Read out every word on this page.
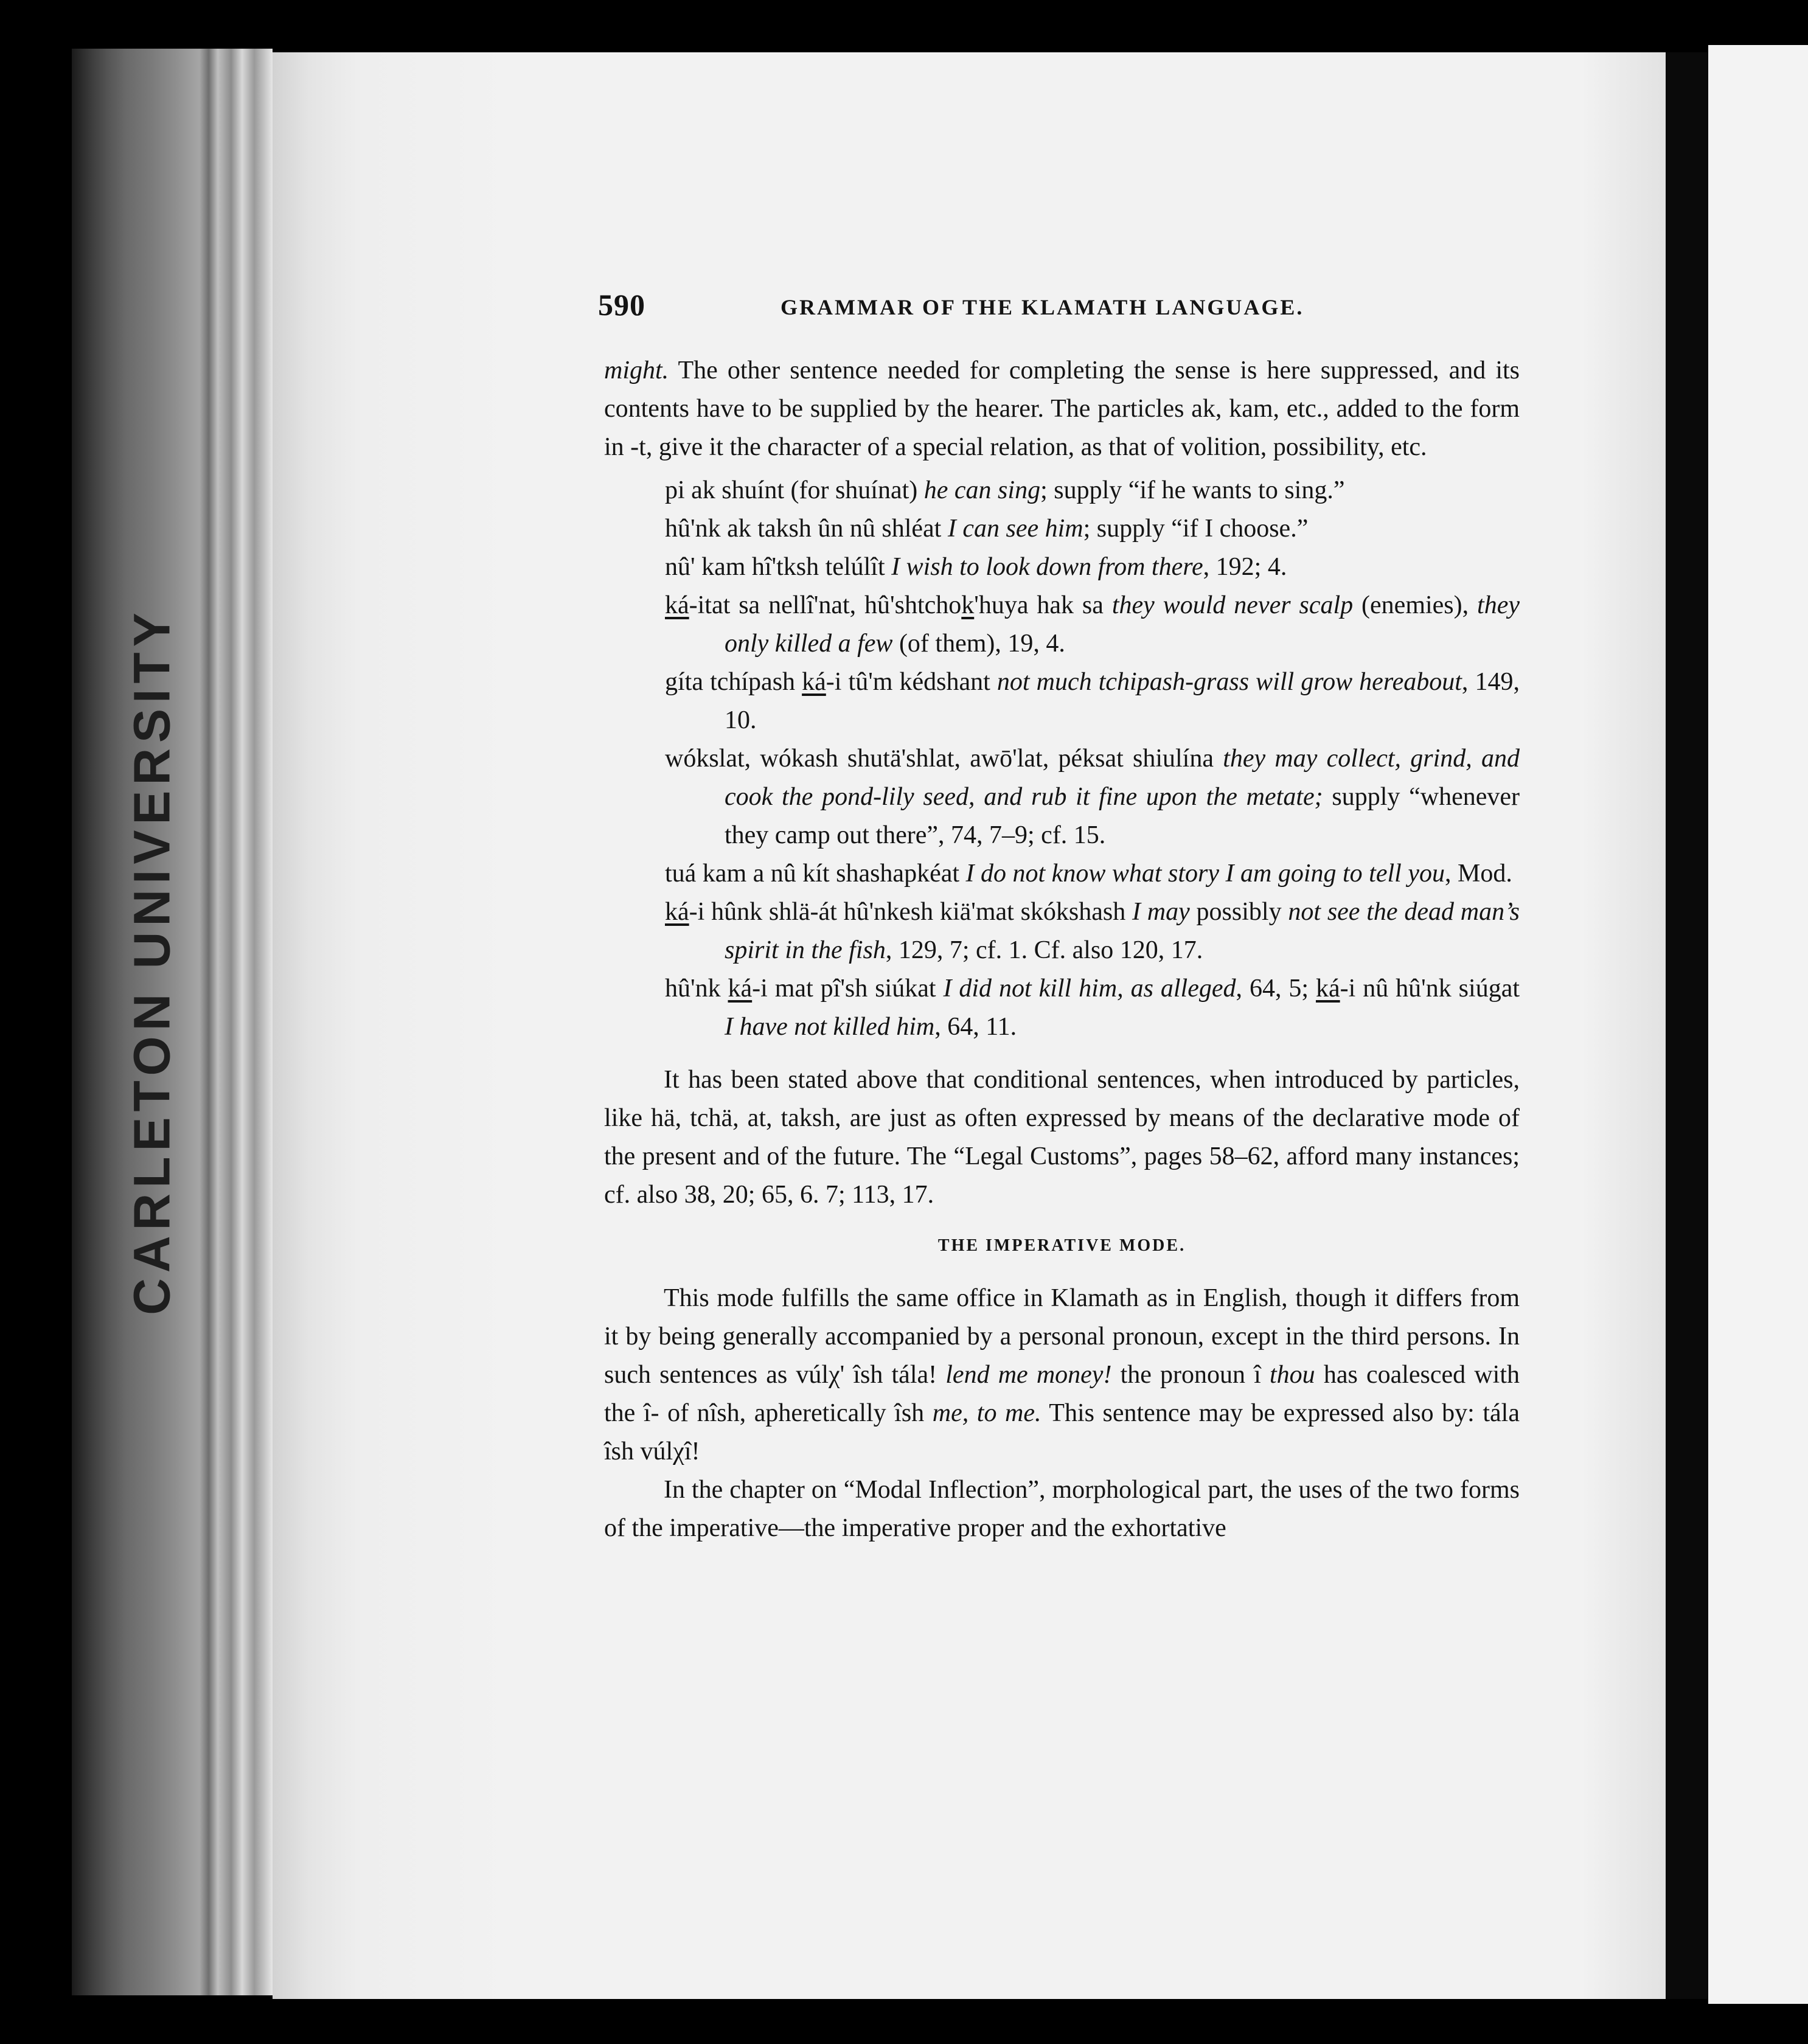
CARLETON UNIVERSITY
590	GRAMMAR OF THE KLAMATH LANGUAGE.

might. The other sentence needed for completing the sense is here suppressed, and its contents have to be supplied by the hearer. The particles ak, kam, etc., added to the form in -t, give it the character of a special relation, as that of volition, possibility, etc.

pi ak shuínt (for shuínat) he can sing; supply “if he wants to sing.”

hû'nk ak taksh ûn nû shléat I can see him; supply “if I choose.”

nû' kam hî'tksh telúlît I wish to look down from there, 192; 4.

ká-itat sa nellî'nat, hû'shtchok'huya hak sa they would never scalp (enemies), they only killed a few (of them), 19, 4.

gíta tchípash ká-i tû'm kédshant not much tchipash-grass will grow hereabout, 149, 10.

wókslat, wókash shutä'shlat, awō'lat, péksat shiulína they may collect, grind, and cook the pond-lily seed, and rub it fine upon the metate; supply “whenever they camp out there”, 74, 7–9; cf. 15.

tuá kam a nû kít shashapkéat I do not know what story I am going to tell you, Mod.

ká-i hûnk shlä-át hû'nkesh kiä'mat skókshash I may possibly not see the dead man’s spirit in the fish, 129, 7; cf. 1. Cf. also 120, 17.

hû'nk ká-i mat pî'sh siúkat I did not kill him, as alleged, 64, 5; ká-i nû hû'nk siúgat I have not killed him, 64, 11.

It has been stated above that conditional sentences, when introduced by particles, like hä, tchä, at, taksh, are just as often expressed by means of the declarative mode of the present and of the future. The “Legal Customs”, pages 58–62, afford many instances; cf. also 38, 20; 65, 6. 7; 113, 17.

THE IMPERATIVE MODE.

This mode fulfills the same office in Klamath as in English, though it differs from it by being generally accompanied by a personal pronoun, except in the third persons. In such sentences as vúlχ' îsh tála! lend me money! the pronoun î thou has coalesced with the î- of nîsh, apheretically îsh me, to me. This sentence may be expressed also by: tála îsh vúlχî!

In the chapter on “Modal Inflection”, morphological part, the uses of the two forms of the imperative—the imperative proper and the exhortative
